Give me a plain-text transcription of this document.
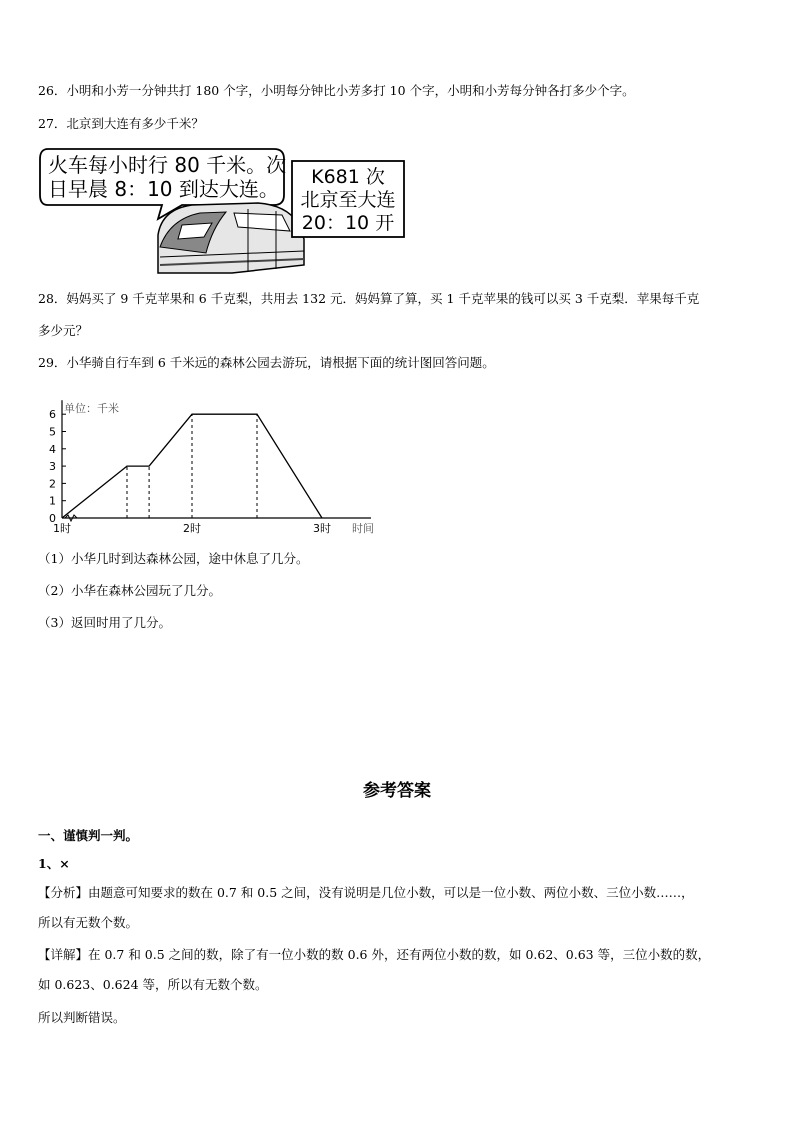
26．小明和小芳一分钟共打 180 个字，小明每分钟比小芳多打 10 个字，小明和小芳每分钟各打多少个字。
27．北京到大连有多少千米？
火车每小时行 80 千米。次
日早晨 8：10 到达大连。 K681 次
北京至大连
20：10 开
28．妈妈买了 9 千克苹果和 6 千克梨，共用去 132 元．妈妈算了算，买 1 千克苹果的钱可以买 3 千克梨．苹果每千克
多少元？
29．小华骑自行车到 6 千米远的森林公园去游玩，请根据下面的统计图回答问题。
0
1
2
3
4
5
6 单位：千米
1时	2时	3时 时间
（1）小华几时到达森林公园，途中休息了几分。
（2）小华在森林公园玩了几分。
（3）返回时用了几分。
参考答案
一、谨慎判一判。
1、×
【分析】由题意可知要求的数在 0.7 和 0.5 之间，没有说明是几位小数，可以是一位小数、两位小数、三位小数……，
所以有无数个数。
【详解】在 0.7 和 0.5 之间的数，除了有一位小数的数 0.6 外，还有两位小数的数，如 0.62、0.63 等，三位小数的数，
如 0.623、0.624 等，所以有无数个数。
所以判断错误。
